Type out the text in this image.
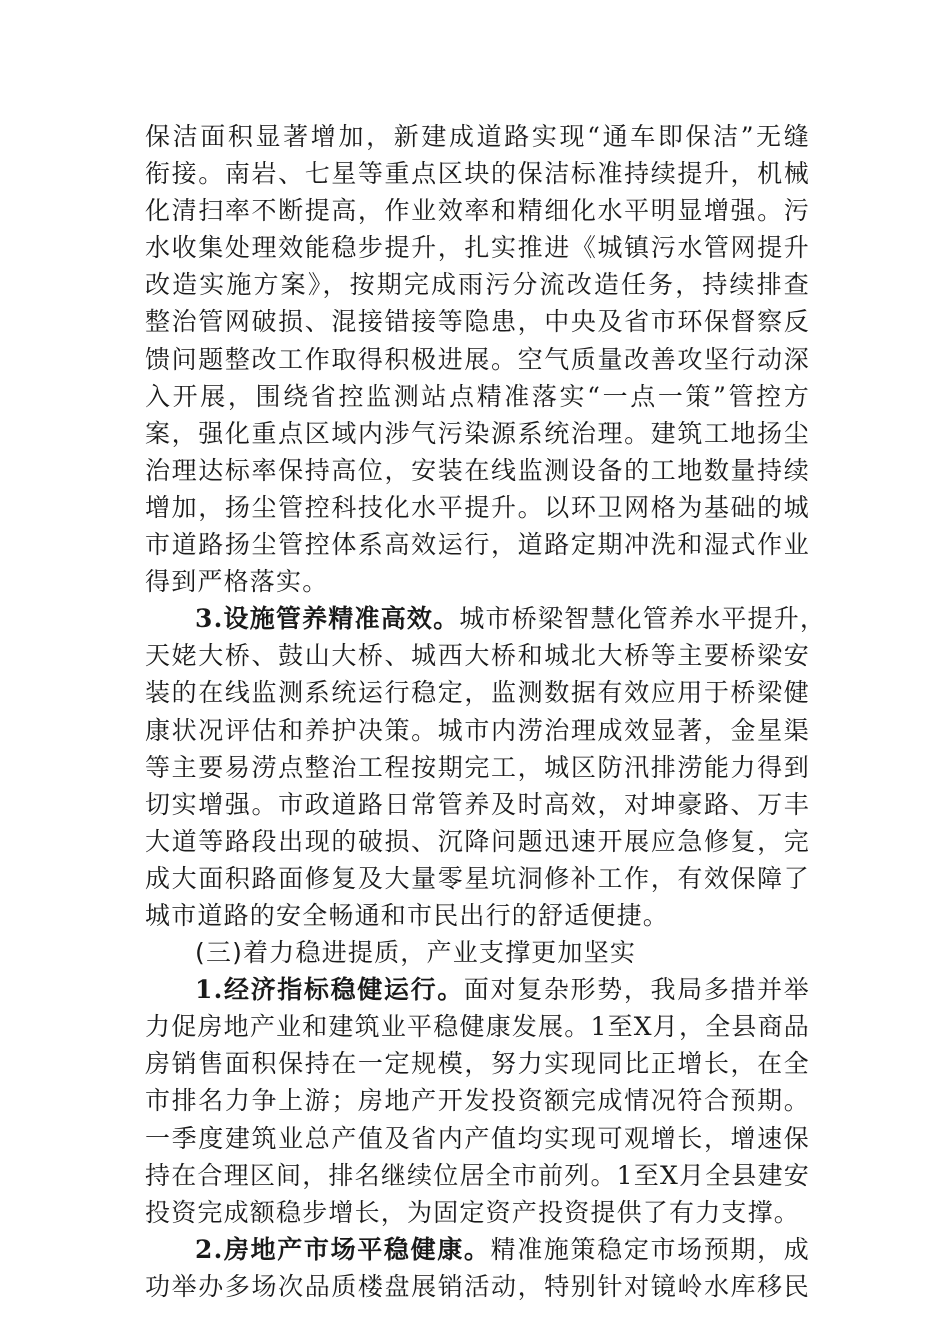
保洁面积显著增加，新建成道路实现“通车即保洁”无缝
衔接。南岩、七星等重点区块的保洁标准持续提升，机械
化清扫率不断提高，作业效率和精细化水平明显增强。污
水收集处理效能稳步提升，扎实推进《城镇污水管网提升
改造实施方案》，按期完成雨污分流改造任务，持续排查
整治管网破损、混接错接等隐患，中央及省市环保督察反
馈问题整改工作取得积极进展。空气质量改善攻坚行动深
入开展，围绕省控监测站点精准落实“一点一策”管控方
案，强化重点区域内涉气污染源系统治理。建筑工地扬尘
治理达标率保持高位，安装在线监测设备的工地数量持续
增加，扬尘管控科技化水平提升。以环卫网格为基础的城
市道路扬尘管控体系高效运行，道路定期冲洗和湿式作业
得到严格落实。
3.设施管养精准高效。城市桥梁智慧化管养水平提升，
天姥大桥、鼓山大桥、城西大桥和城北大桥等主要桥梁安
装的在线监测系统运行稳定，监测数据有效应用于桥梁健
康状况评估和养护决策。城市内涝治理成效显著，金星渠
等主要易涝点整治工程按期完工，城区防汛排涝能力得到
切实增强。市政道路日常管养及时高效，对坤豪路、万丰
大道等路段出现的破损、沉降问题迅速开展应急修复，完
成大面积路面修复及大量零星坑洞修补工作，有效保障了
城市道路的安全畅通和市民出行的舒适便捷。
(三)着力稳进提质，产业支撑更加坚实
1.经济指标稳健运行。面对复杂形势，我局多措并举
力促房地产业和建筑业平稳健康发展。1至X月，全县商品
房销售面积保持在一定规模，努力实现同比正增长，在全
市排名力争上游；房地产开发投资额完成情况符合预期。
一季度建筑业总产值及省内产值均实现可观增长，增速保
持在合理区间，排名继续位居全市前列。1至X月全县建安
投资完成额稳步增长，为固定资产投资提供了有力支撑。
2.房地产市场平稳健康。精准施策稳定市场预期，成
功举办多场次品质楼盘展销活动，特别针对镜岭水库移民
